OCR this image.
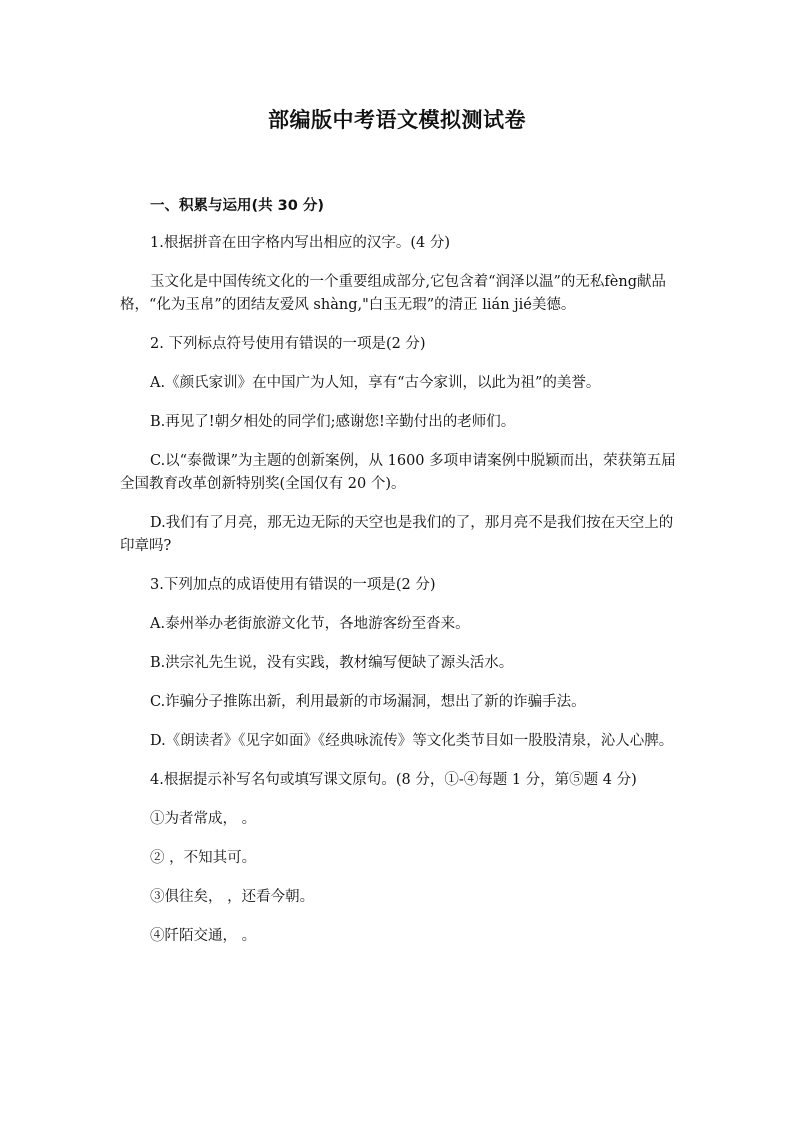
部编版中考语文模拟测试卷
一、积累与运用(共 30 分)

1.根据拼音在田字格内写出相应的汉字。(4 分)

玉文化是中国传统文化的一个重要组成部分,它包含着“润泽以温”的无私fèng献品格，“化为玉帛”的团结友爱风 shàng,"白玉无瑕”的清正 lián jié美德。

2. 下列标点符号使用有错误的一项是(2 分)

A.《颜氏家训》在中国广为人知，享有“古今家训，以此为祖”的美誉。

B.再见了!朝夕相处的同学们;感谢您!辛勤付出的老师们。

C.以“泰微课”为主题的创新案例，从 1600 多项申请案例中脱颖而出，荣获第五届全国教育改革创新特别奖(全国仅有 20 个)。

D.我们有了月亮，那无边无际的天空也是我们的了，那月亮不是我们按在天空上的印章吗?

3.下列加点的成语使用有错误的一项是(2 分)

A.泰州举办老街旅游文化节，各地游客纷至沓来。

B.洪宗礼先生说，没有实践，教材编写便缺了源头活水。

C.诈骗分子推陈出新，利用最新的市场漏洞，想出了新的诈骗手法。

D.《朗读者》《见字如面》《经典咏流传》等文化类节目如一股股清泉，沁人心脾。

4.根据提示补写名句或填写课文原句。(8 分，①-④每题 1 分，第⑤题 4 分)

①为者常成， 。

② ，不知其可。

③俱往矣， ，还看今朝。

④阡陌交通， 。
